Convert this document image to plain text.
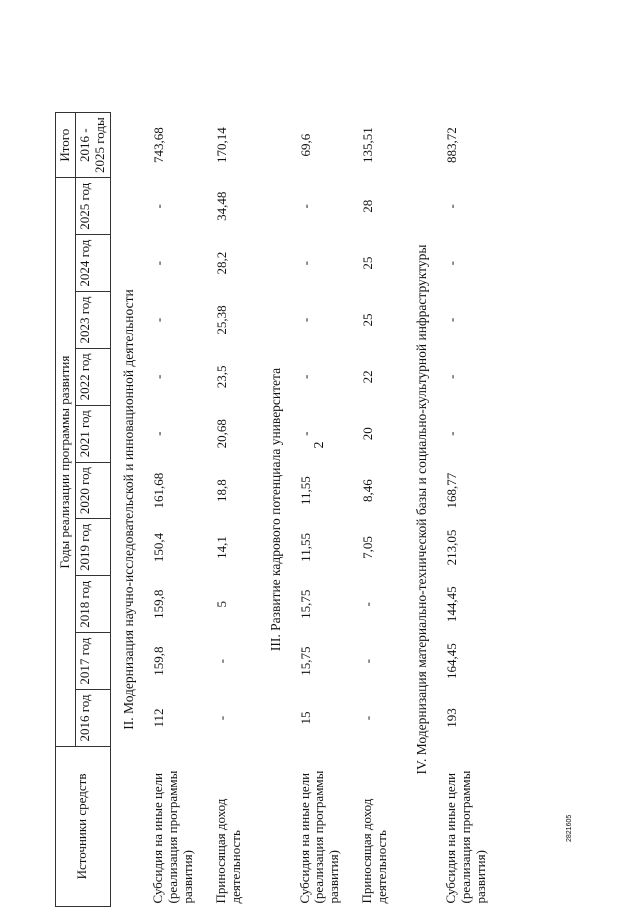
2
Источники средств	Годы реализации программы развития										Итого
	2016 год	2017 год	2018 год	2019 год	2020 год	2021 год	2022 год	2023 год	2024 год	2025 год	2016 - 2025 годы
II. Модернизация научно-исследовательской и инновационной деятельности											
Субсидия на иные цели (реализация программы развития)	112	159,8	159,8	150,4	161,68	-	-	-	-	-	743,68
Приносящая доход деятельность	-	-	5	14,1	18,8	20,68	23,5	25,38	28,2	34,48	170,14
III. Развитие кадрового потенциала университета											
Субсидия на иные цели (реализация программы развития)	15	15,75	15,75	11,55	11,55	-	-	-	-	-	69,6
Приносящая доход деятельность	-	-	-	7,05	8,46	20	22	25	25	28	135,51
IV. Модернизация материально-технической базы и социально-культурной инфраструктуры											
Субсидия на иные цели (реализация программы развития)	193	164,45	144,45	213,05	168,77	-	-	-	-	-	883,72
2821605
